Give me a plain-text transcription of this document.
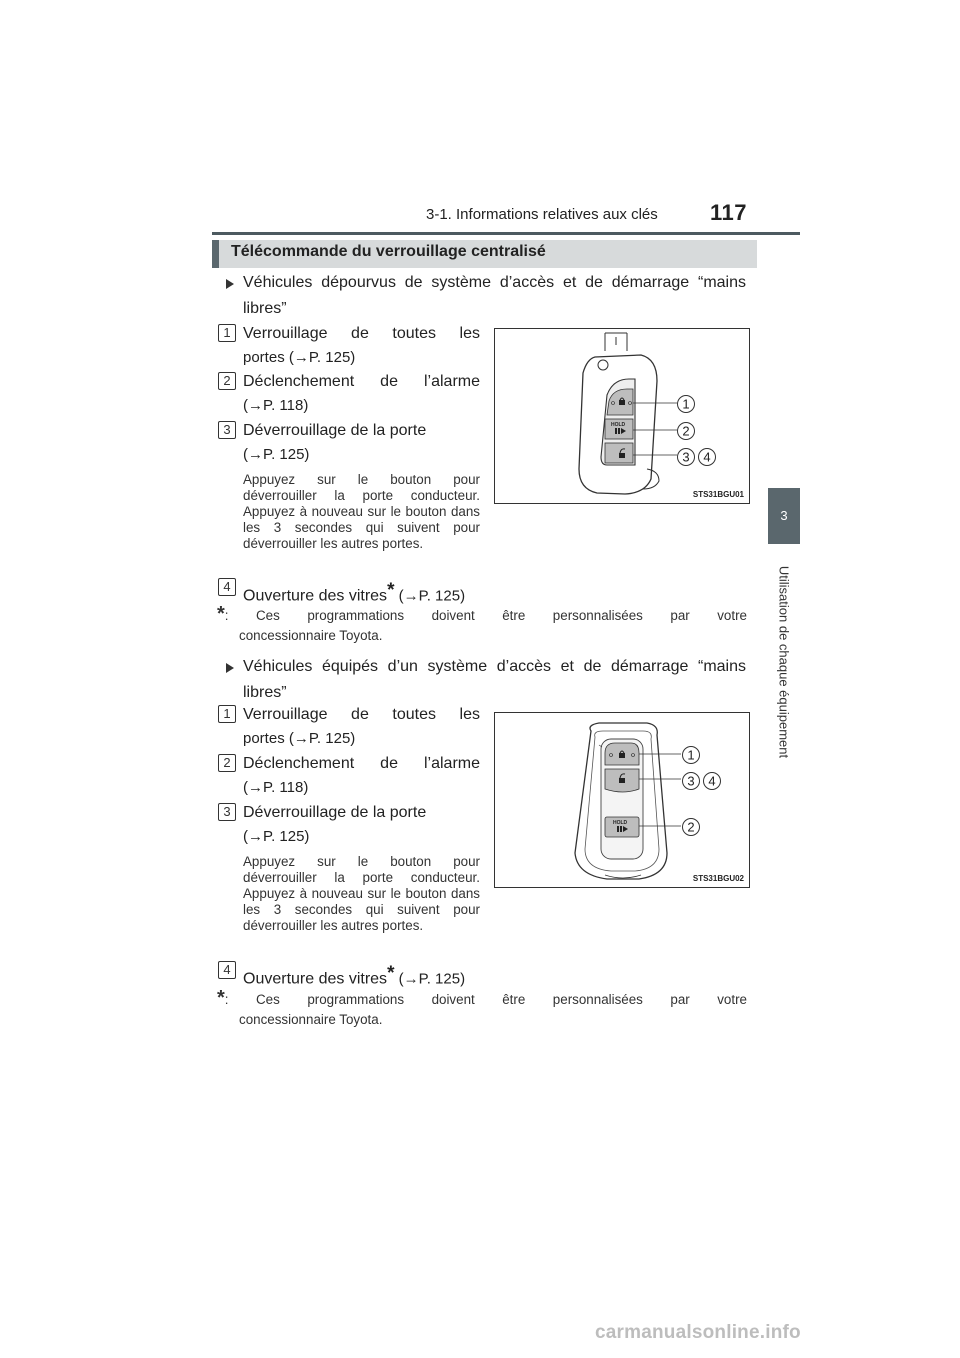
3-1. Informations relatives aux clés 117
3
Utilisation de chaque équipement
Télécommande du verrouillage centralisé
Véhicules dépourvus de système d’accès et de démarrage “mains
libres”
1 Verrouillage de toutes les
portes (→P. 125)
2 Déclenchement de l’alarme
(→P. 118)
3 Déverrouillage de la porte
(→P. 125)
Appuyez sur le bouton pour déverrouiller la porte conducteur. Appuyez à nouveau sur le bouton dans les 3 secondes qui suivent pour déverrouiller les autres portes.
4
Ouverture des vitres* (→P. 125)
*: Ces programmations doivent être personnalisées par votre
concessionnaire Toyota.
HOLD
1
2
3 4
STS31BGU01
Véhicules équipés d’un système d’accès et de démarrage “mains
libres”
1 Verrouillage de toutes les
portes (→P. 125)
2 Déclenchement de l’alarme
(→P. 118)
3 Déverrouillage de la porte
(→P. 125)
Appuyez sur le bouton pour déverrouiller la porte conducteur. Appuyez à nouveau sur le bouton dans les 3 secondes qui suivent pour déverrouiller les autres portes.
4
Ouverture des vitres* (→P. 125)
*: Ces programmations doivent être personnalisées par votre
concessionnaire Toyota.
HOLD
1
3 4
2
STS31BGU02
carmanualsonline.info
